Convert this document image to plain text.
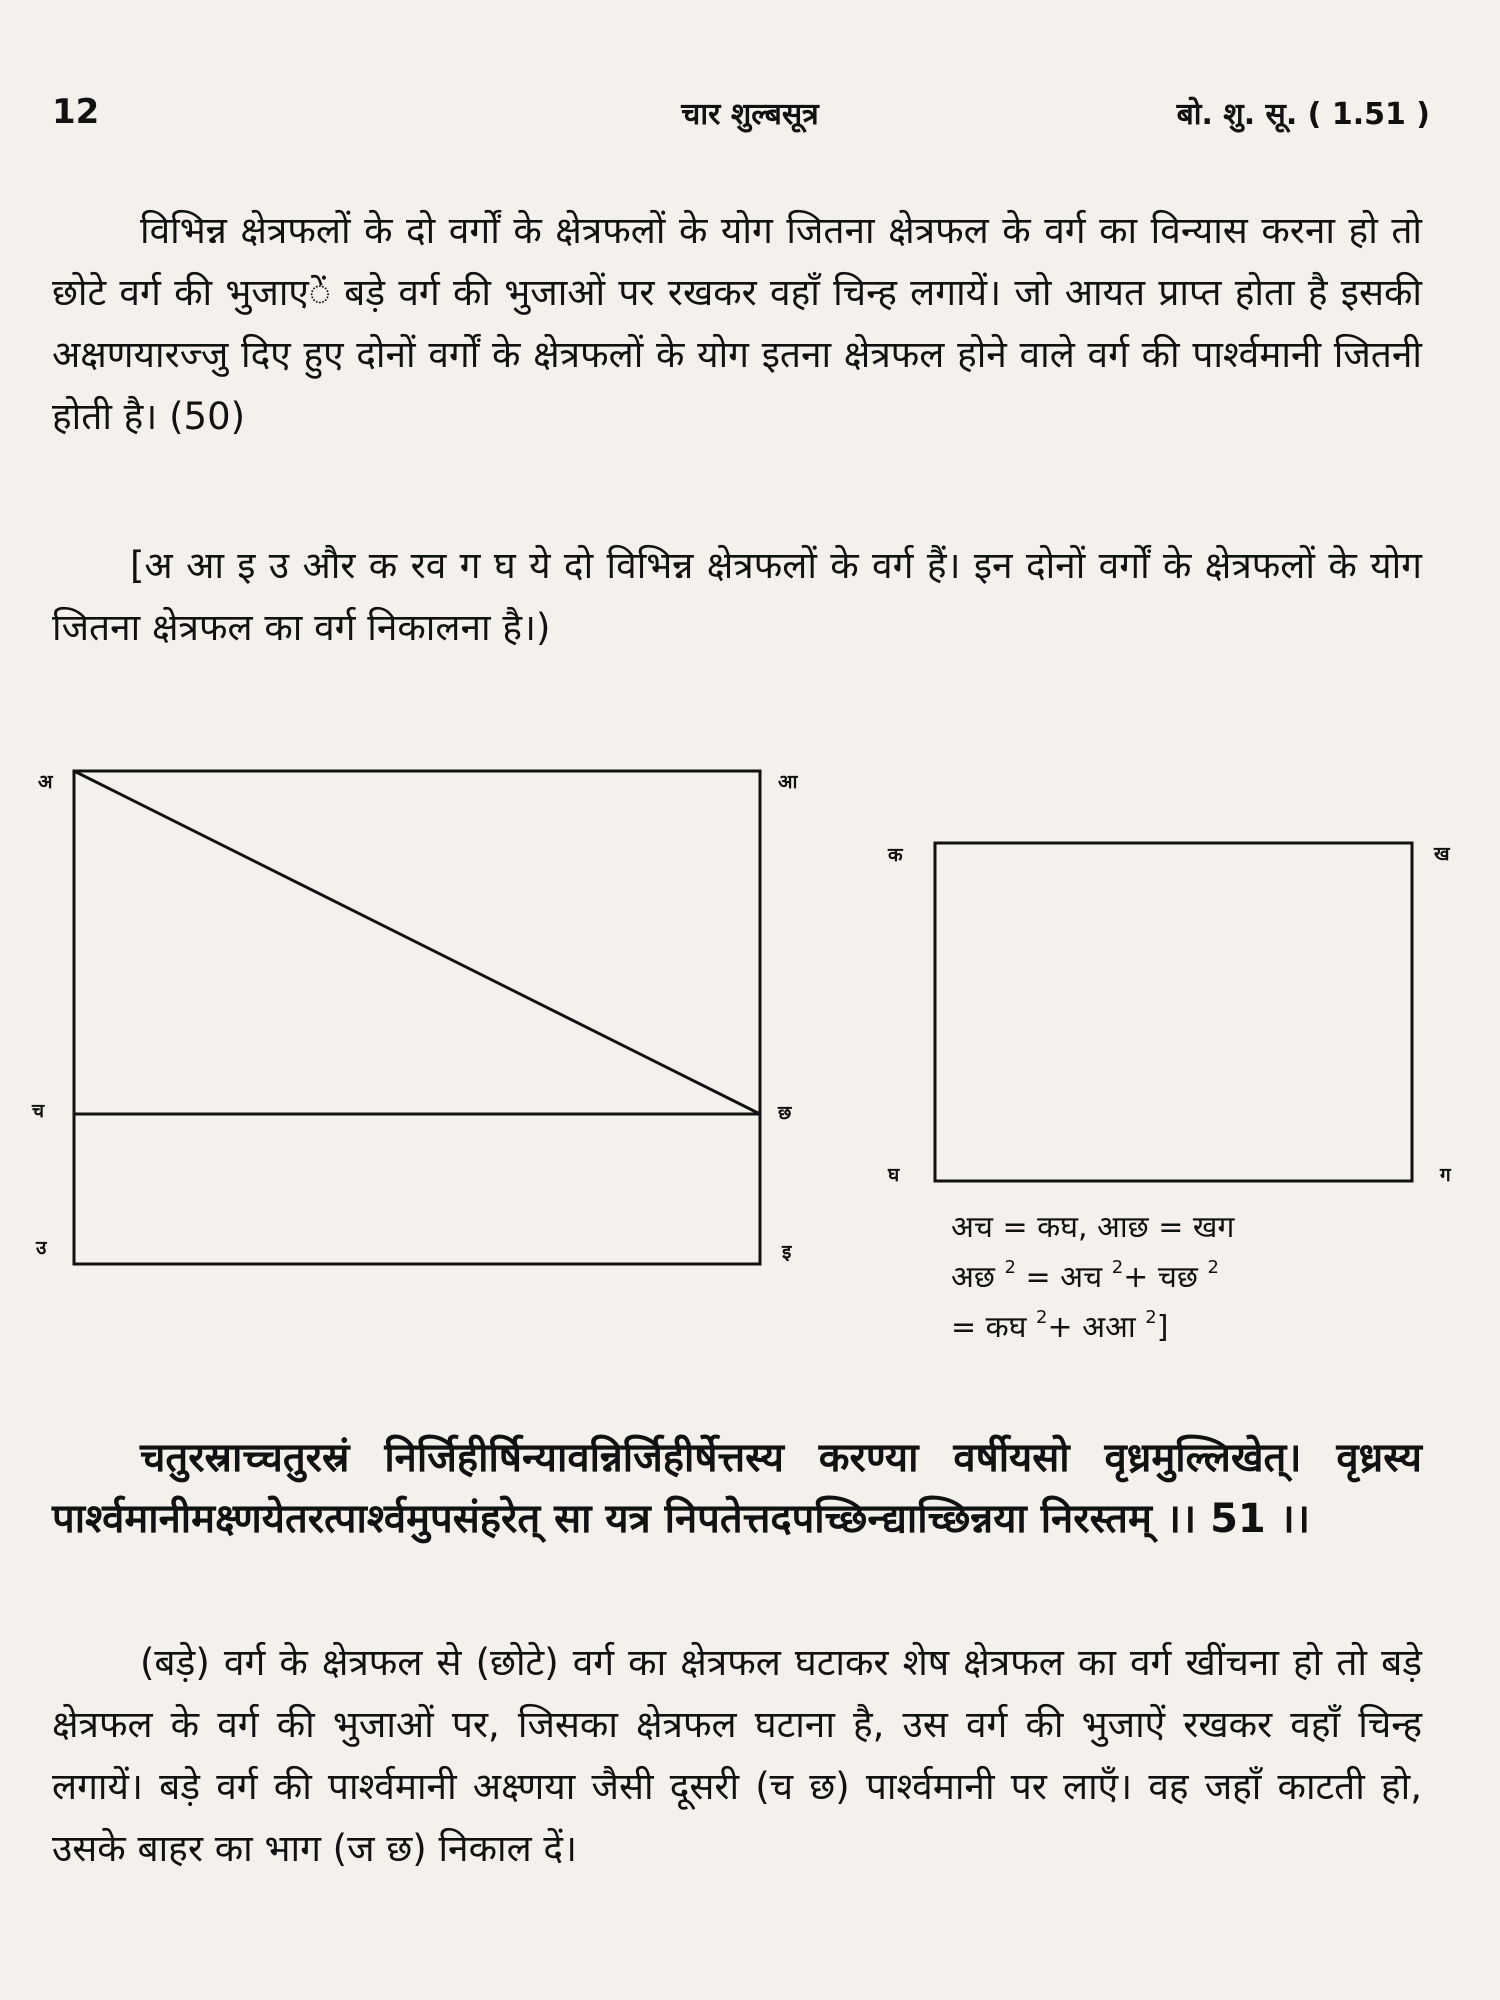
12	चार शुल्बसूत्र	बो. शु. सू. ( 1.51 )
विभिन्न क्षेत्रफलों के दो वर्गों के क्षेत्रफलों के योग जितना क्षेत्रफल के वर्ग का विन्यास करना हो तो छोटे वर्ग की भुजाएें बड़े वर्ग की भुजाओं पर रखकर वहाँ चिन्ह लगायें। जो आयत प्राप्त होता है इसकी अक्षणयारज्जु दिए हुए दोनों वर्गों के क्षेत्रफलों के योग इतना क्षेत्रफल होने वाले वर्ग की पार्श्वमानी जितनी होती है। (50)
[अ आ इ उ और क रव ग घ ये दो विभिन्न क्षेत्रफलों के वर्ग हैं। इन दोनों वर्गों के क्षेत्रफलों के योग जितना क्षेत्रफल का वर्ग निकालना है।)
अ	आ
च	छ
उ	इ
क	ख
घ	ग
अच = कघ, आछ = खग
अछ $^2$ = अच $^2$+ चछ $^2$
= कघ $^2$+ अआ $^2$]
चतुरस्राच्चतुरस्रं निर्जिहीर्षिन्यावन्निर्जिहीर्षेत्तस्य करण्या वर्षीयसो वृध्रमुल्लिखेत्। वृध्रस्य पार्श्वमानीमक्ष्णयेतरत्पार्श्वमुपसंहरेत् सा यत्र निपतेत्तदपच्छिन्द्याच्छिन्नया निरस्तम् ।। 51 ।।
(बड़े) वर्ग के क्षेत्रफल से (छोटे) वर्ग का क्षेत्रफल घटाकर शेष क्षेत्रफल का वर्ग खींचना हो तो बड़े क्षेत्रफल के वर्ग की भुजाओं पर, जिसका क्षेत्रफल घटाना है, उस वर्ग की भुजाऐं रखकर वहाँ चिन्ह लगायें। बड़े वर्ग की पार्श्वमानी अक्ष्णया जैसी दूसरी (च छ) पार्श्वमानी पर लाएँ। वह जहाँ काटती हो, उसके बाहर का भाग (ज छ) निकाल दें।
